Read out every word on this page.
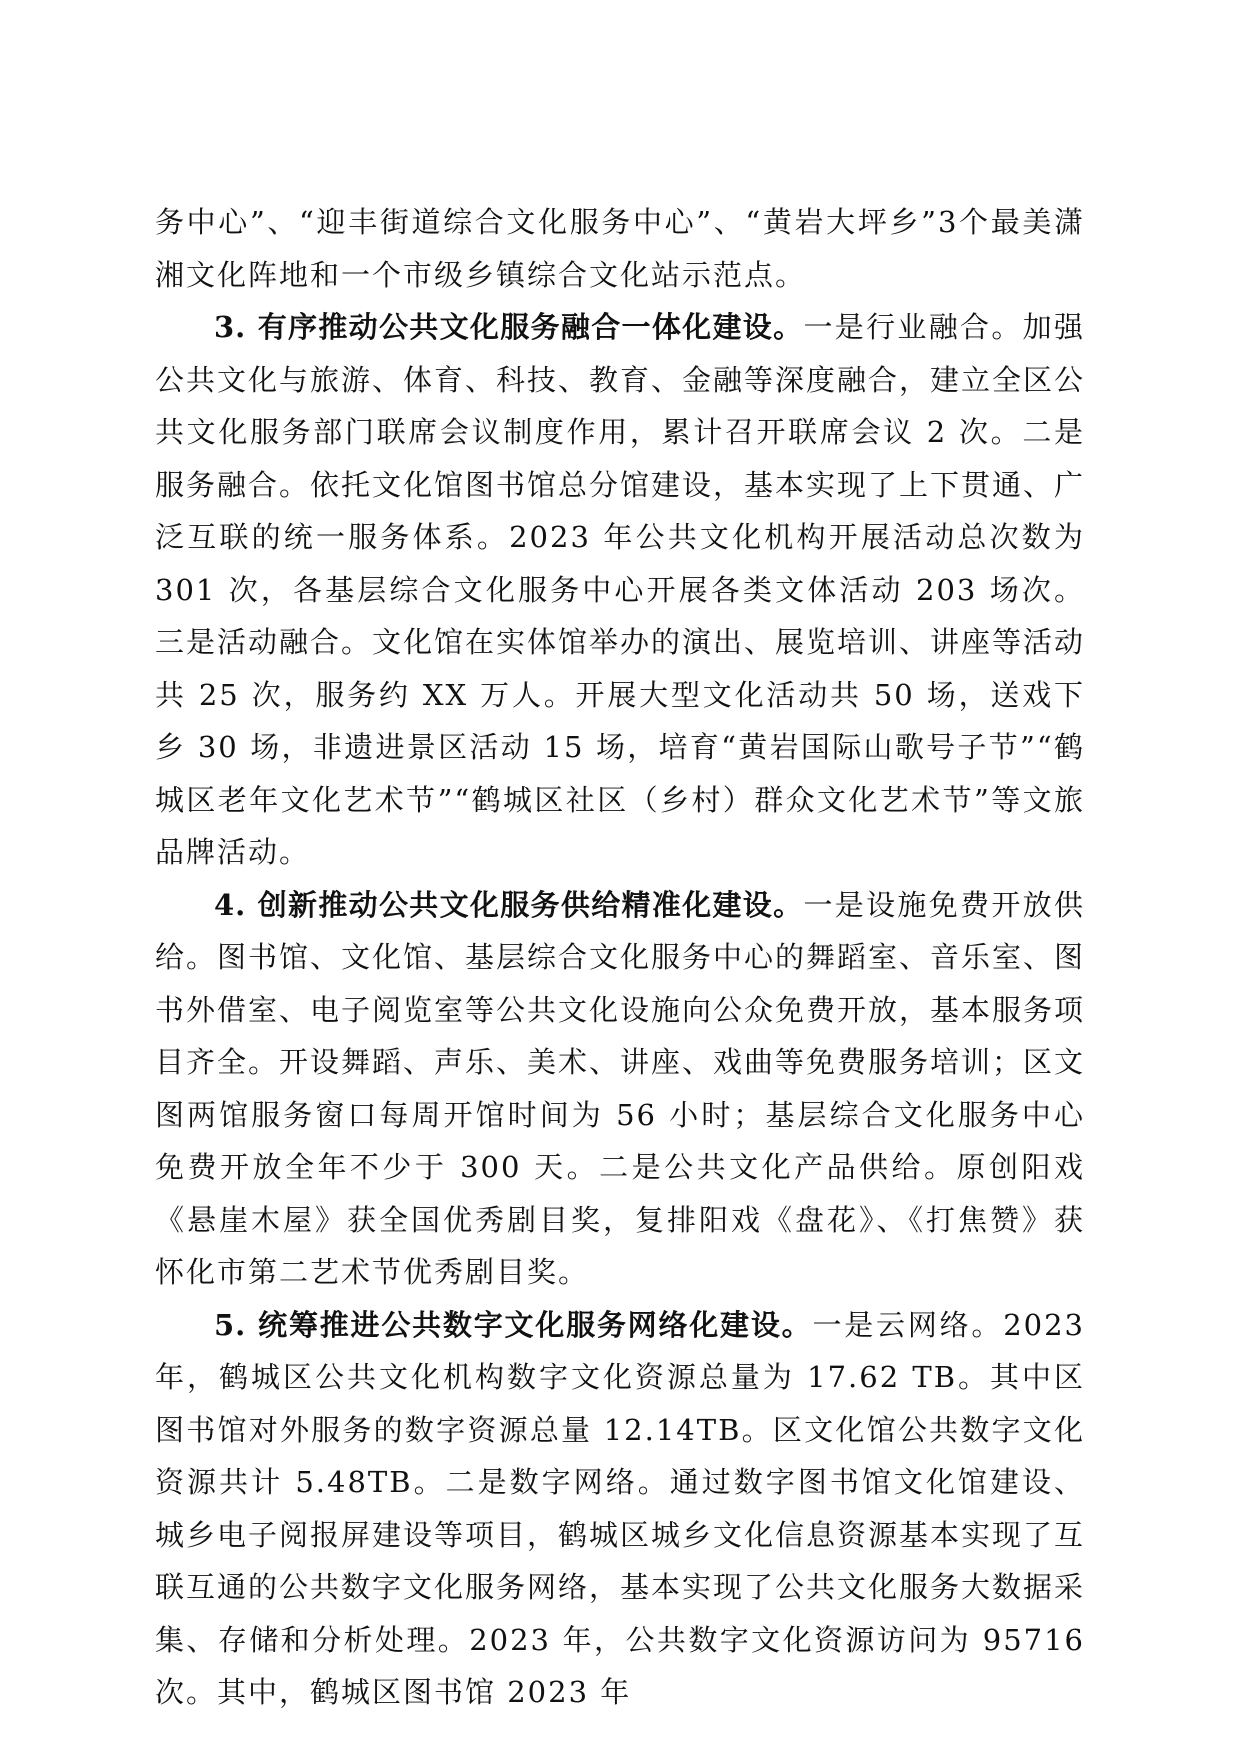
务中心”、“迎丰街道综合文化服务中心”、“黄岩大坪乡”3个最美潇湘文化阵地和一个市级乡镇综合文化站示范点。

3. 有序推动公共文化服务融合一体化建设。一是行业融合。加强公共文化与旅游、体育、科技、教育、金融等深度融合，建立全区公共文化服务部门联席会议制度作用，累计召开联席会议 2 次。二是服务融合。依托文化馆图书馆总分馆建设，基本实现了上下贯通、广泛互联的统一服务体系。2023 年公共文化机构开展活动总次数为 301 次，各基层综合文化服务中心开展各类文体活动 203 场次。三是活动融合。文化馆在实体馆举办的演出、展览培训、讲座等活动共 25 次，服务约 XX 万人。开展大型文化活动共 50 场，送戏下乡 30 场，非遗进景区活动 15 场，培育“黄岩国际山歌号子节”“鹤城区老年文化艺术节”“鹤城区社区（乡村）群众文化艺术节”等文旅品牌活动。

4. 创新推动公共文化服务供给精准化建设。一是设施免费开放供给。图书馆、文化馆、基层综合文化服务中心的舞蹈室、音乐室、图书外借室、电子阅览室等公共文化设施向公众免费开放，基本服务项目齐全。开设舞蹈、声乐、美术、讲座、戏曲等免费服务培训；区文图两馆服务窗口每周开馆时间为 56 小时；基层综合文化服务中心免费开放全年不少于 300 天。二是公共文化产品供给。原创阳戏《悬崖木屋》获全国优秀剧目奖，复排阳戏《盘花》、《打焦赞》获怀化市第二艺术节优秀剧目奖。

5. 统筹推进公共数字文化服务网络化建设。一是云网络。2023 年，鹤城区公共文化机构数字文化资源总量为 17.62 TB。其中区图书馆对外服务的数字资源总量 12.14TB。区文化馆公共数字文化资源共计 5.48TB。二是数字网络。通过数字图书馆文化馆建设、城乡电子阅报屏建设等项目，鹤城区城乡文化信息资源基本实现了互联互通的公共数字文化服务网络，基本实现了公共文化服务大数据采集、存储和分析处理。2023 年，公共数字文化资源访问为 95716 次。其中，鹤城区图书馆 2023 年
